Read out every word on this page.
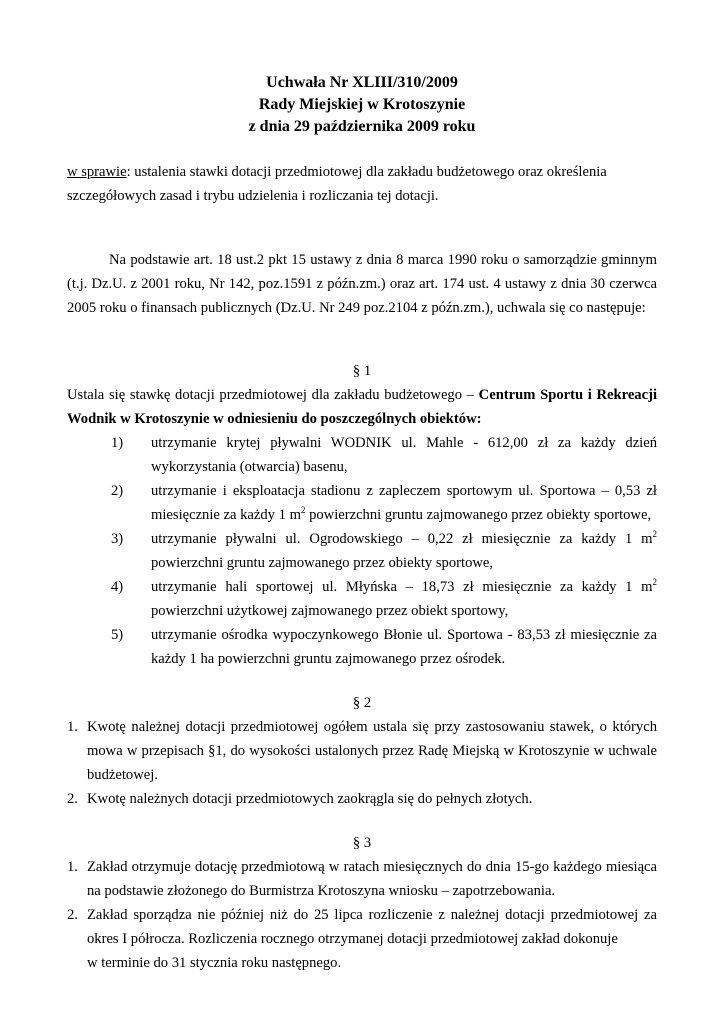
Uchwała Nr XLIII/310/2009
Rady Miejskiej w Krotoszynie
z dnia 29 października 2009 roku
w sprawie: ustalenia stawki dotacji przedmiotowej dla zakładu budżetowego oraz określenia szczegółowych zasad i trybu udzielenia i rozliczania tej dotacji.
Na podstawie art. 18 ust.2 pkt 15 ustawy z dnia 8 marca 1990 roku o samorządzie gminnym (t.j. Dz.U. z 2001 roku, Nr 142, poz.1591 z późn.zm.) oraz art. 174 ust. 4 ustawy z dnia 30 czerwca 2005 roku o finansach publicznych (Dz.U. Nr 249 poz.2104 z późn.zm.), uchwala się co następuje:
§ 1
Ustala się stawkę dotacji przedmiotowej dla zakładu budżetowego – Centrum Sportu i Rekreacji Wodnik w Krotoszynie w odniesieniu do poszczególnych obiektów:
1) utrzymanie krytej pływalni WODNIK ul. Mahle - 612,00 zł za każdy dzień
wykorzystania (otwarcia) basenu,
2) utrzymanie i eksploatacja stadionu z zapleczem sportowym ul. Sportowa – 0,53 zł
miesięcznie za każdy 1 $m^2$ powierzchni gruntu zajmowanego przez obiekty sportowe,
3) utrzymanie pływalni ul. Ogrodowskiego – 0,22 zł miesięcznie za każdy 1 $m^2$
powierzchni gruntu zajmowanego przez obiekty sportowe,
4) utrzymanie hali sportowej ul. Młyńska – 18,73 zł miesięcznie za każdy 1 $m^2$
powierzchni użytkowej zajmowanego przez obiekt sportowy,
5) utrzymanie ośrodka wypoczynkowego Błonie ul. Sportowa - 83,53 zł miesięcznie za
każdy 1 ha powierzchni gruntu zajmowanego przez ośrodek.
§ 2
1. Kwotę należnej dotacji przedmiotowej ogółem ustala się przy zastosowaniu stawek, o których
mowa w przepisach §1, do wysokości ustalonych przez Radę Miejską w Krotoszynie w uchwale
budżetowej.
2. Kwotę należnych dotacji przedmiotowych zaokrągla się do pełnych złotych.
§ 3
1. Zakład otrzymuje dotację przedmiotową w ratach miesięcznych do dnia 15-go każdego miesiąca
na podstawie złożonego do Burmistrza Krotoszyna wniosku – zapotrzebowania.
2. Zakład sporządza nie później niż do 25 lipca rozliczenie z należnej dotacji przedmiotowej za
okres I półrocza. Rozliczenia rocznego otrzymanej dotacji przedmiotowej zakład dokonuje
w terminie do 31 stycznia roku następnego.
